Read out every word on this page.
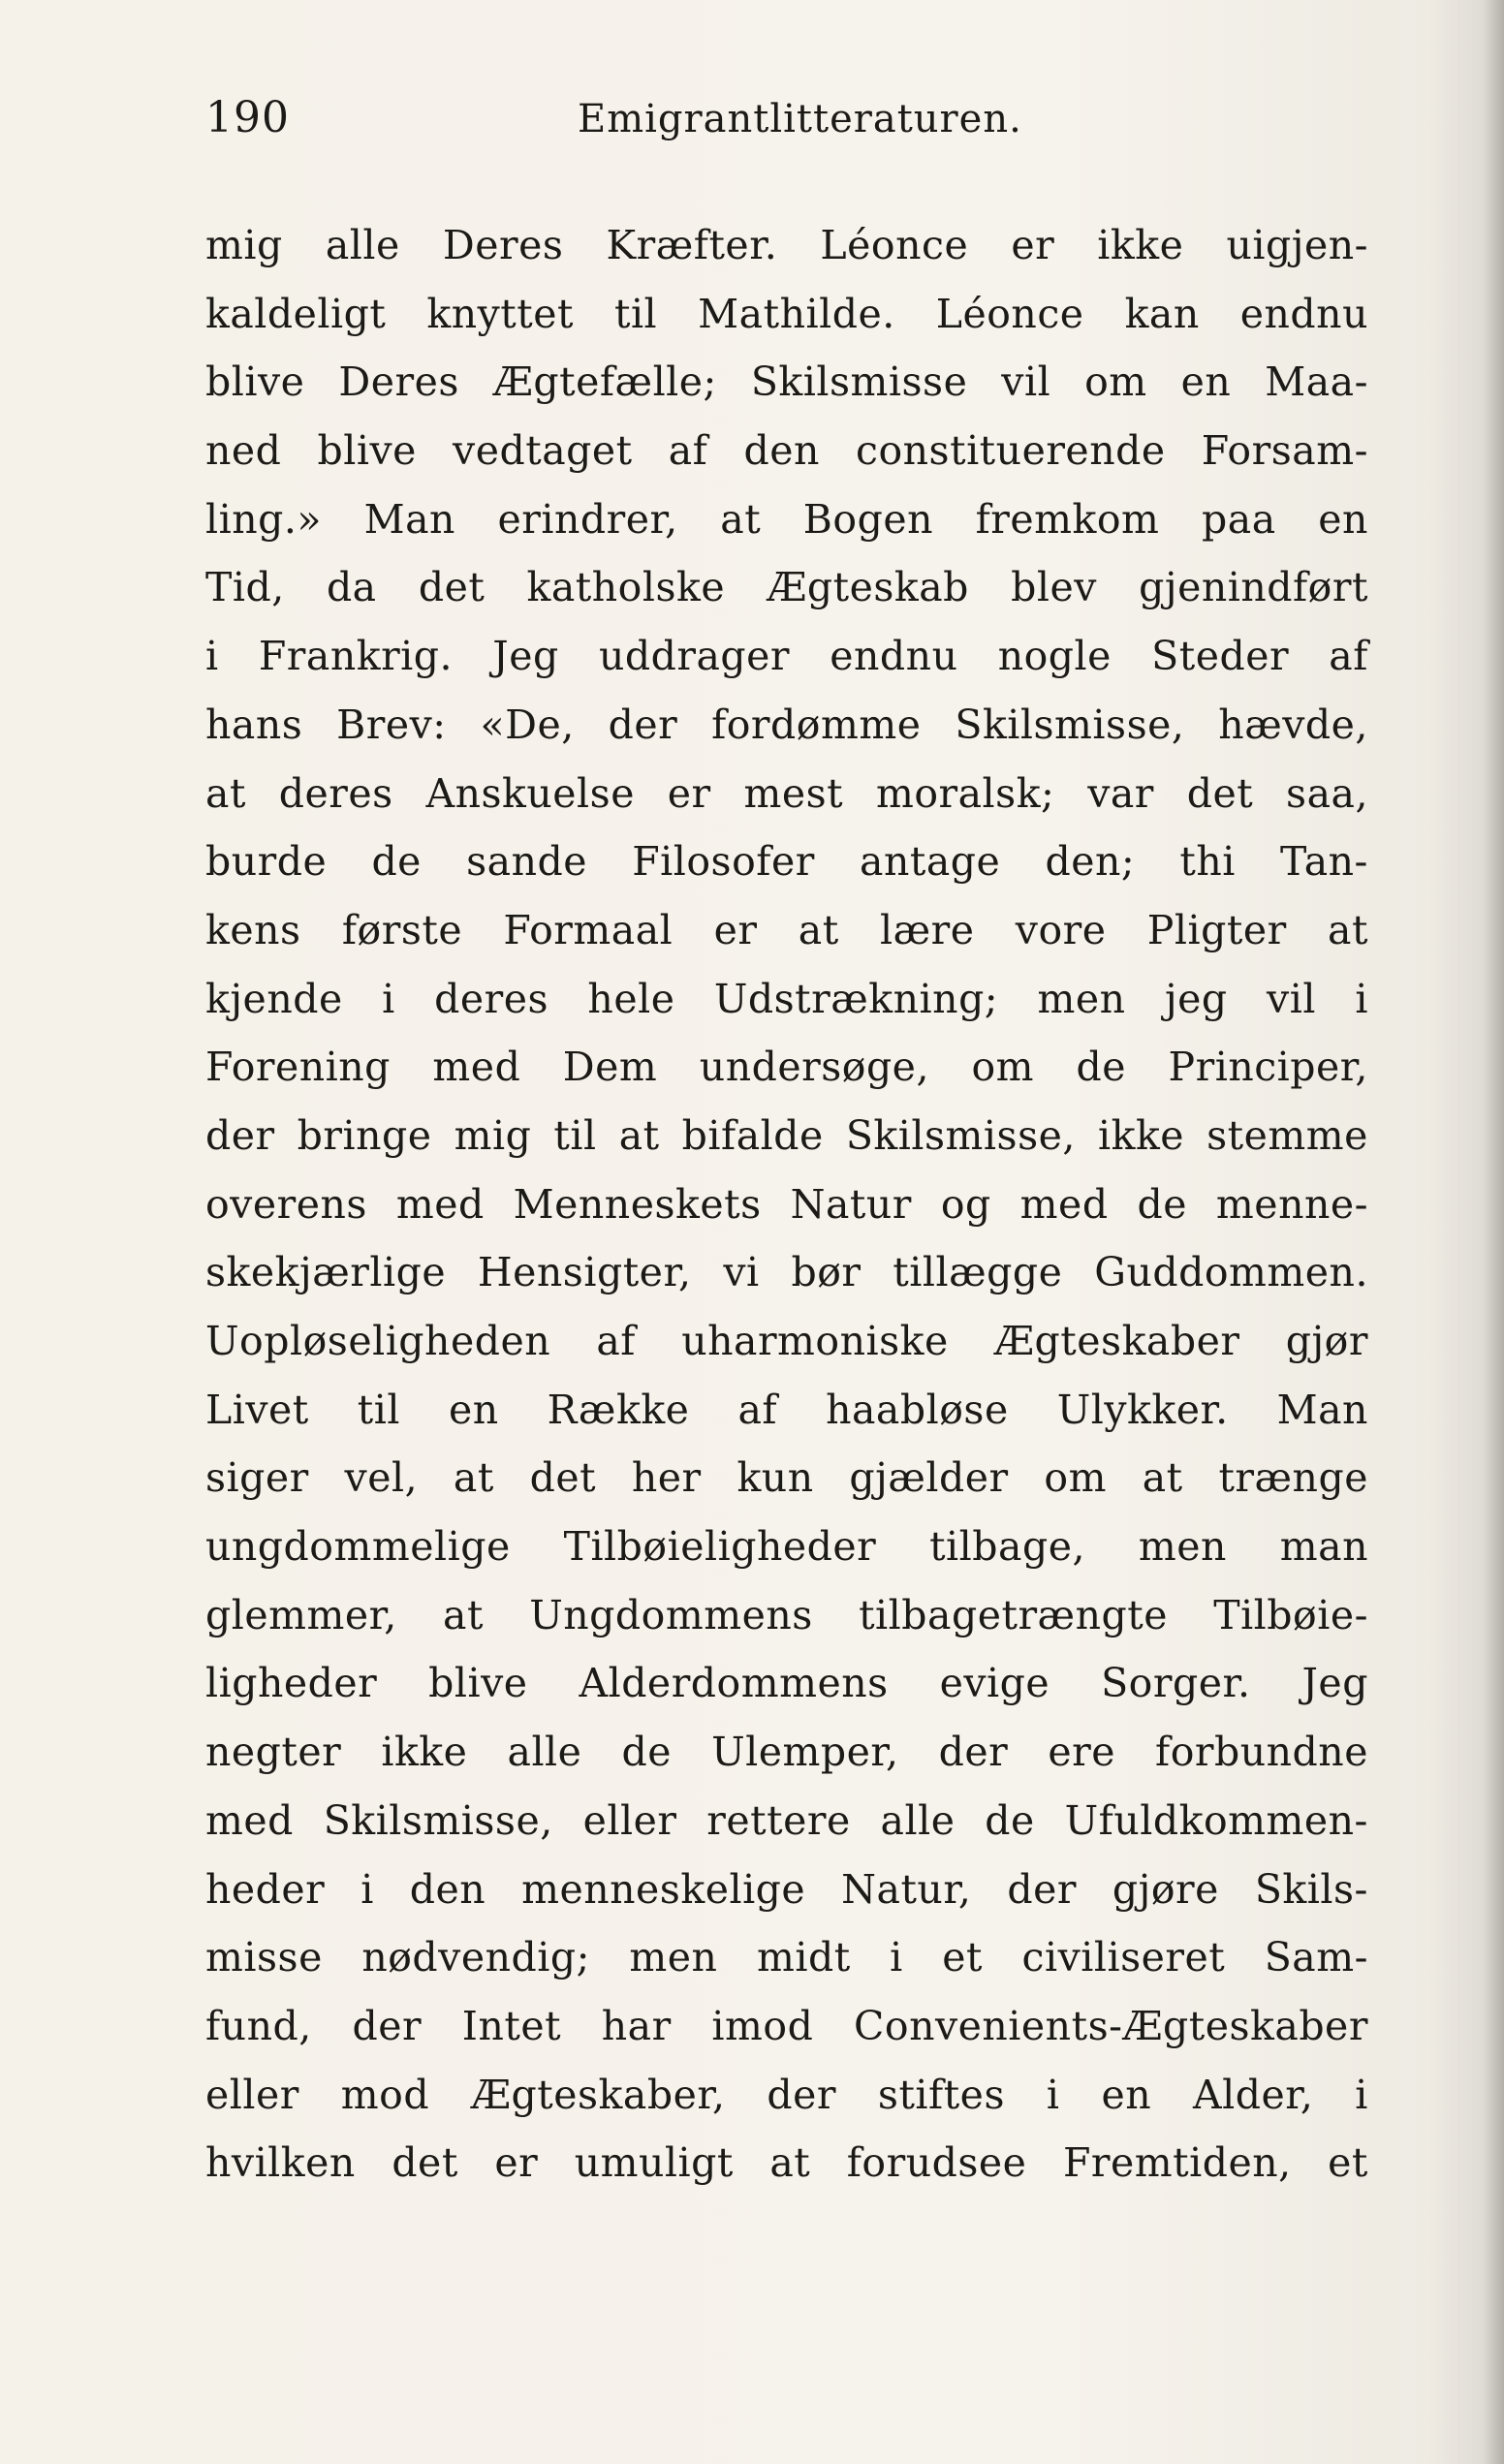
190	Emigrantlitteraturen.
mig alle Deres Kræfter. Léonce er ikke uigjen-
kaldeligt knyttet til Mathilde. Léonce kan endnu
blive Deres Ægtefælle; Skilsmisse vil om en Maa-
ned blive vedtaget af den constituerende Forsam-
ling.» Man erindrer, at Bogen fremkom paa en
Tid, da det katholske Ægteskab blev gjenindført
i Frankrig. Jeg uddrager endnu nogle Steder af
hans Brev: «De, der fordømme Skilsmisse, hævde,
at deres Anskuelse er mest moralsk; var det saa,
burde de sande Filosofer antage den; thi Tan-
kens første Formaal er at lære vore Pligter at
kjende i deres hele Udstrækning; men jeg vil i
Forening med Dem undersøge, om de Principer,
der bringe mig til at bifalde Skilsmisse, ikke stemme
overens med Menneskets Natur og med de menne-
skekjærlige Hensigter, vi bør tillægge Guddommen.
Uopløseligheden af uharmoniske Ægteskaber gjør
Livet til en Række af haabløse Ulykker. Man
siger vel, at det her kun gjælder om at trænge
ungdommelige Tilbøieligheder tilbage, men man
glemmer, at Ungdommens tilbagetrængte Tilbøie-
ligheder blive Alderdommens evige Sorger. Jeg
negter ikke alle de Ulemper, der ere forbundne
med Skilsmisse, eller rettere alle de Ufuldkommen-
heder i den menneskelige Natur, der gjøre Skils-
misse nødvendig; men midt i et civiliseret Sam-
fund, der Intet har imod Convenients-Ægteskaber
eller mod Ægteskaber, der stiftes i en Alder, i
hvilken det er umuligt at forudsee Fremtiden, et
